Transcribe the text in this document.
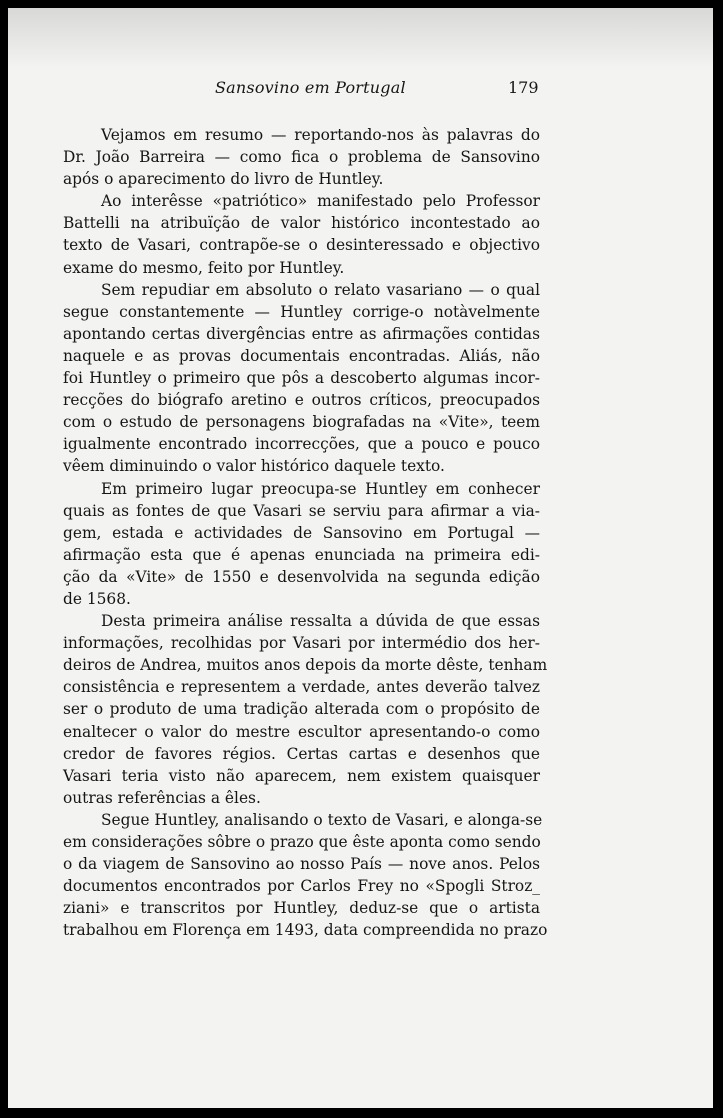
Sansovino em Portugal	179

Vejamos em resumo — reportando-nos às palavras do
Dr. João Barreira — como fica o problema de Sansovino
após o aparecimento do livro de Huntley.

Ao interêsse «patriótico» manifestado pelo Professor
Battelli na atribuïção de valor histórico incontestado ao
texto de Vasari, contrapõe-se o desinteressado e objectivo
exame do mesmo, feito por Huntley.

Sem repudiar em absoluto o relato vasariano — o qual
segue constantemente — Huntley corrige-o notàvelmente
apontando certas divergências entre as afirmações contidas
naquele e as provas documentais encontradas. Aliás, não
foi Huntley o primeiro que pôs a descoberto algumas incor-
recções do biógrafo aretino e outros críticos, preocupados
com o estudo de personagens biografadas na «Vite», teem
igualmente encontrado incorrecções, que a pouco e pouco
vêem diminuindo o valor histórico daquele texto.

Em primeiro lugar preocupa-se Huntley em conhecer
quais as fontes de que Vasari se serviu para afirmar a via-
gem, estada e actividades de Sansovino em Portugal —
afirmação esta que é apenas enunciada na primeira edi-
ção da «Vite» de 1550 e desenvolvida na segunda edição
de 1568.

Desta primeira análise ressalta a dúvida de que essas
informações, recolhidas por Vasari por intermédio dos her-
deiros de Andrea, muitos anos depois da morte dêste, tenham
consistência e representem a verdade, antes deverão talvez
ser o produto de uma tradição alterada com o propósito de
enaltecer o valor do mestre escultor apresentando-o como
credor de favores régios. Certas cartas e desenhos que
Vasari teria visto não aparecem, nem existem quaisquer
outras referências a êles.

Segue Huntley, analisando o texto de Vasari, e alonga-se
em considerações sôbre o prazo que êste aponta como sendo
o da viagem de Sansovino ao nosso País — nove anos. Pelos
documentos encontrados por Carlos Frey no «Spogli Stroz_
ziani» e transcritos por Huntley, deduz-se que o artista
trabalhou em Florença em 1493, data compreendida no prazo
